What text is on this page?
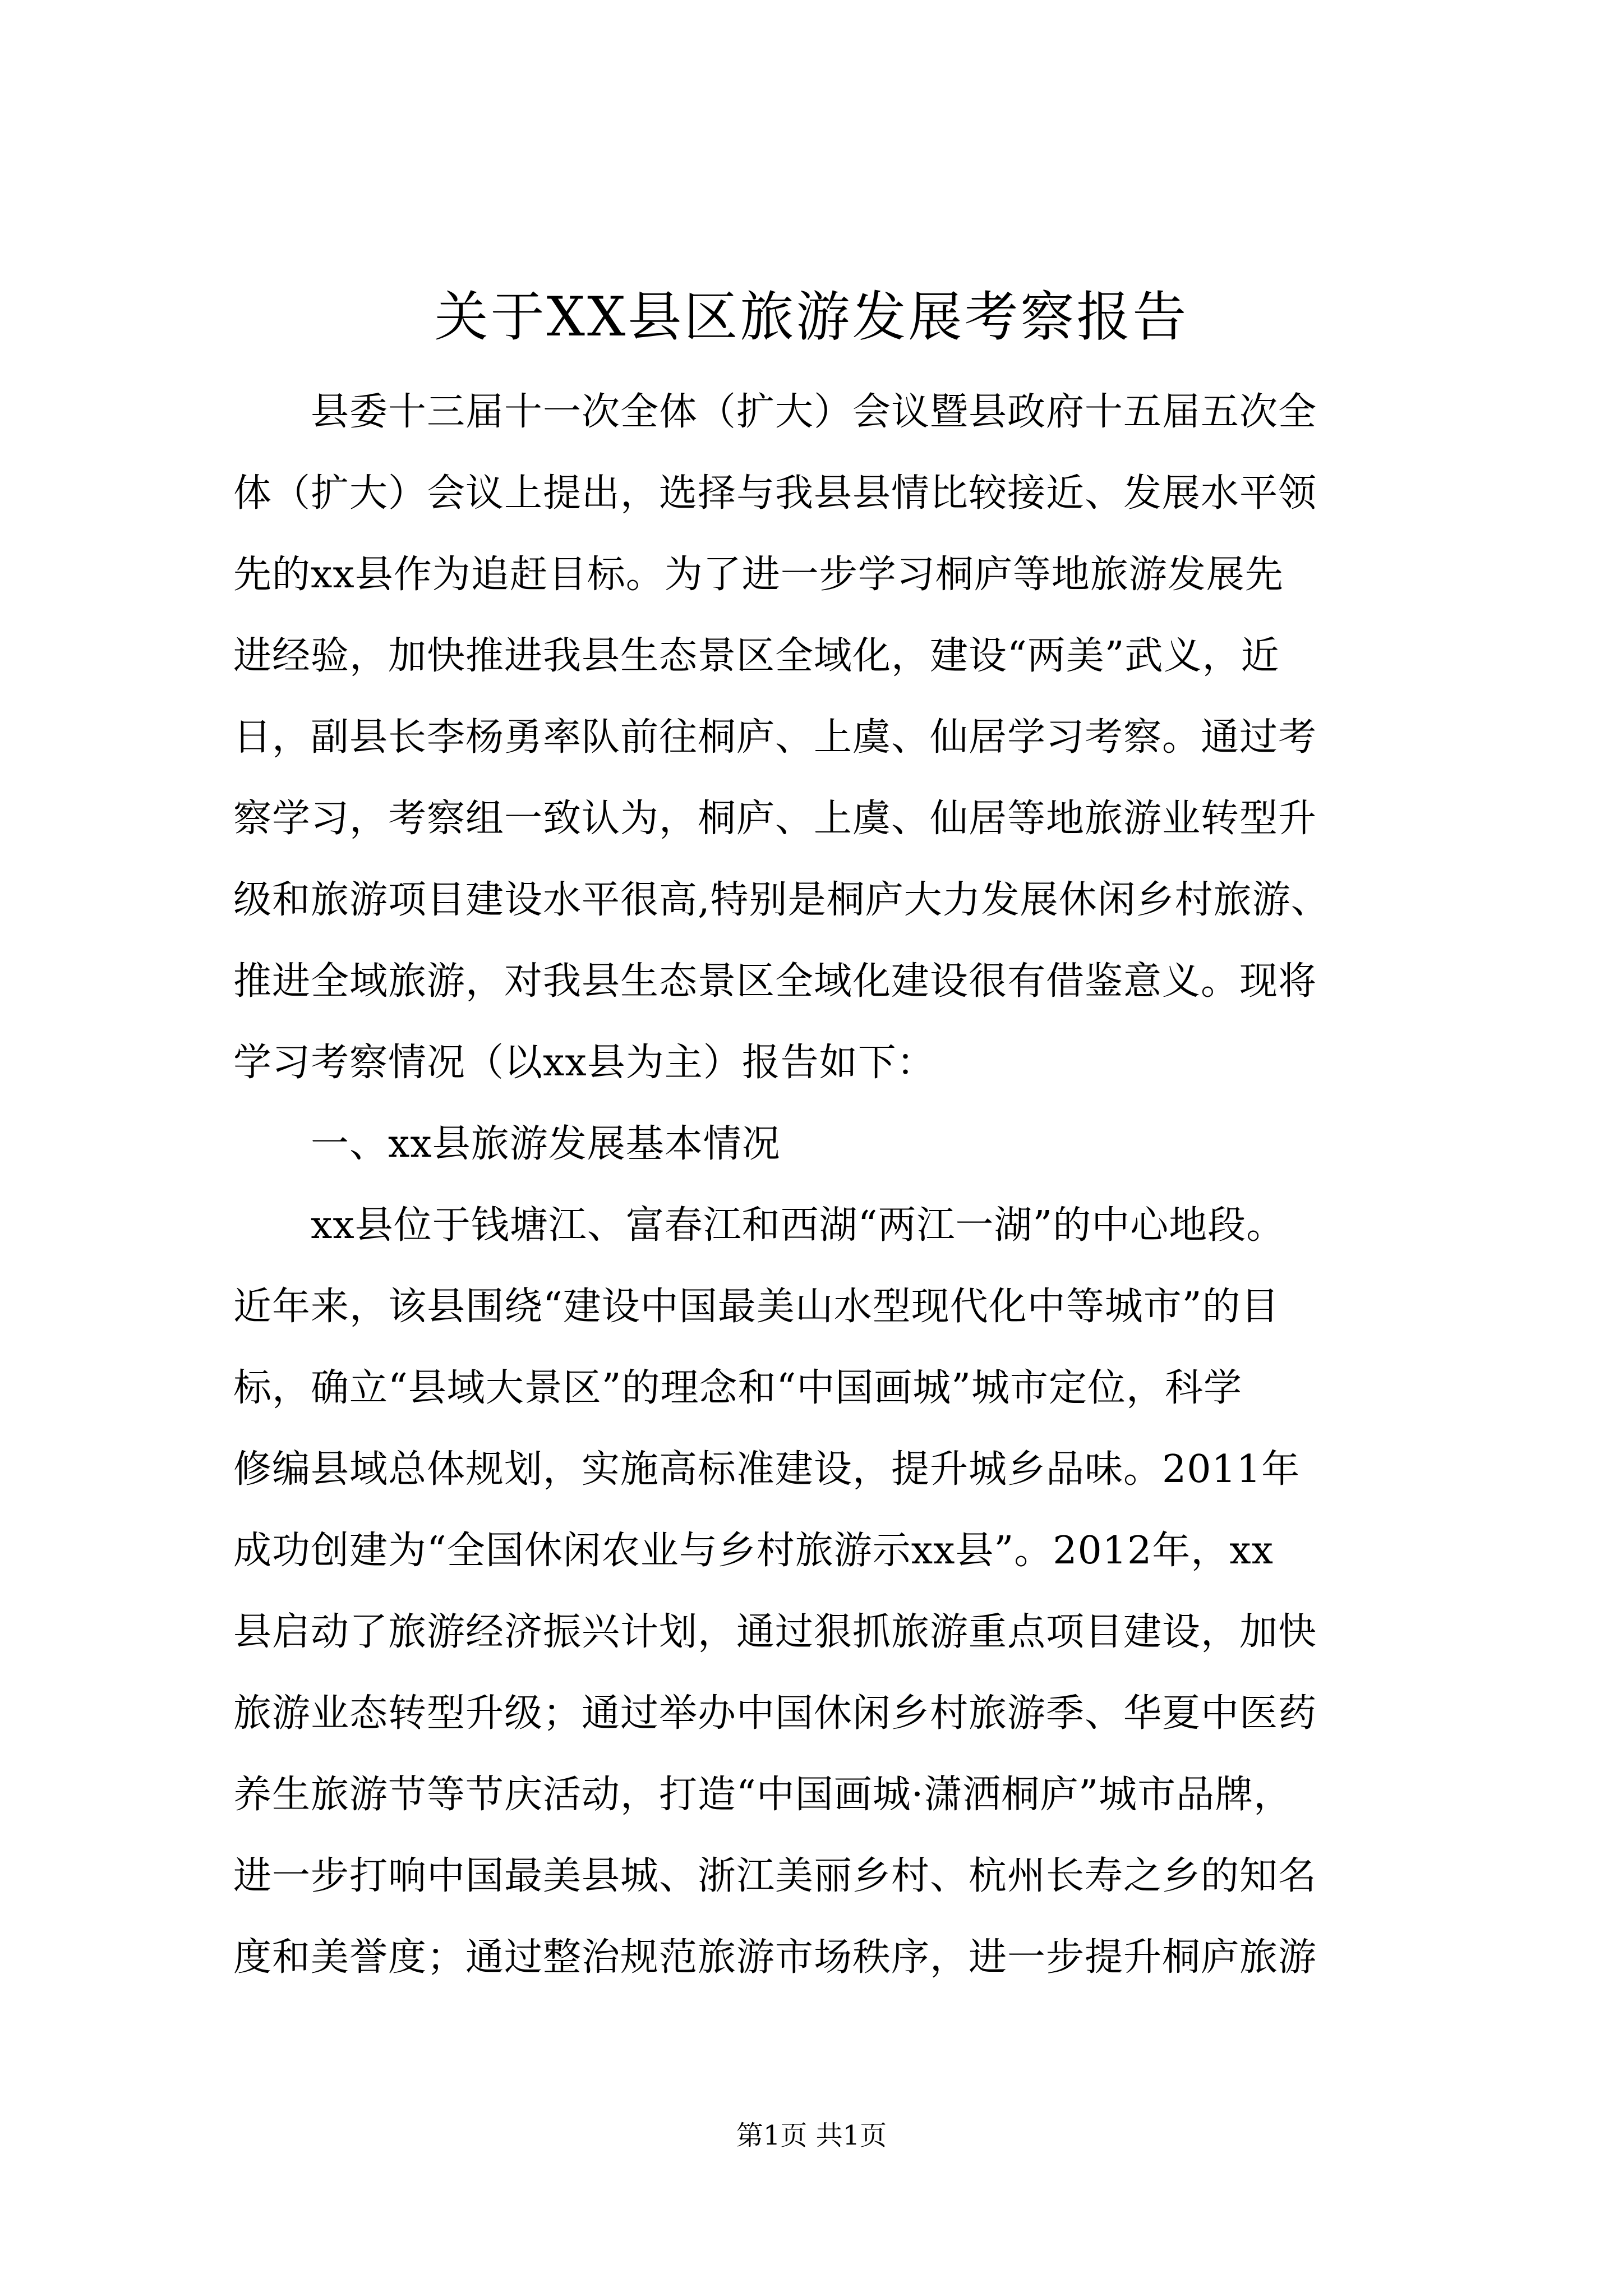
关于XX县区旅游发展考察报告
　　县委十三届十一次全体（扩大）会议暨县政府十五届五次全
体（扩大）会议上提出，选择与我县县情比较接近、发展水平领
先的xx县作为追赶目标。为了进一步学习桐庐等地旅游发展先
进经验，加快推进我县生态景区全域化，建设“两美”武义，近
日，副县长李杨勇率队前往桐庐、上虞、仙居学习考察。通过考
察学习，考察组一致认为，桐庐、上虞、仙居等地旅游业转型升
级和旅游项目建设水平很高,特别是桐庐大力发展休闲乡村旅游、
推进全域旅游，对我县生态景区全域化建设很有借鉴意义。现将
学习考察情况（以xx县为主）报告如下：
　　一、xx县旅游发展基本情况
　　xx县位于钱塘江、富春江和西湖“两江一湖”的中心地段。
近年来，该县围绕“建设中国最美山水型现代化中等城市”的目
标，确立“县域大景区”的理念和“中国画城”城市定位，科学
修编县域总体规划，实施高标准建设，提升城乡品味。2011年
成功创建为“全国休闲农业与乡村旅游示xx县”。2012年，xx
县启动了旅游经济振兴计划，通过狠抓旅游重点项目建设，加快
旅游业态转型升级；通过举办中国休闲乡村旅游季、华夏中医药
养生旅游节等节庆活动，打造“中国画城·潇洒桐庐”城市品牌，
进一步打响中国最美县城、浙江美丽乡村、杭州长寿之乡的知名
度和美誉度；通过整治规范旅游市场秩序，进一步提升桐庐旅游
第1页 共1页
